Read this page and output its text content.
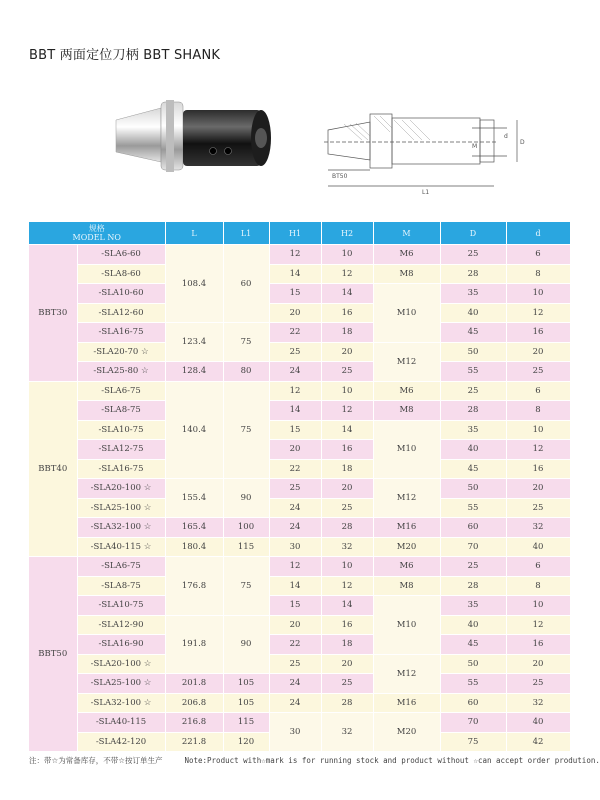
BBT 两面定位刀柄 BBT SHANK
BT50
L1
M
d
D
规格
MODEL NO		L	L1	H1	H2	M	D	d
BBT30	-SLA6-60	108.4	60	12	10	M6	25	6
	-SLA8-60			14	12	M8	28	8
	-SLA10-60			15	14	M10	35	10
	-SLA12-60			20	16		40	12
	-SLA16-75	123.4	75	22	18		45	16
	-SLA20-70 ☆			25	20	M12	50	20
	-SLA25-80 ☆	128.4	80	24	25		55	25
BBT40	-SLA6-75	140.4	75	12	10	M6	25	6
	-SLA8-75			14	12	M8	28	8
	-SLA10-75			15	14	M10	35	10
	-SLA12-75			20	16		40	12
	-SLA16-75			22	18		45	16
	-SLA20-100 ☆	155.4	90	25	20	M12	50	20
	-SLA25-100 ☆			24	25		55	25
	-SLA32-100 ☆	165.4	100	24	28	M16	60	32
	-SLA40-115 ☆	180.4	115	30	32	M20	70	40
BBT50	-SLA6-75	176.8	75	12	10	M6	25	6
	-SLA8-75			14	12	M8	28	8
	-SLA10-75			15	14	M10	35	10
	-SLA12-90	191.8	90	20	16		40	12
	-SLA16-90			22	18		45	16
	-SLA20-100 ☆			25	20	M12	50	20
	-SLA25-100 ☆	201.8	105	24	25		55	25
	-SLA32-100 ☆	206.8	105	24	28	M16	60	32
	-SLA40-115	216.8	115	30	32	M20	70	40
	-SLA42-120	221.8	120				75	42
注：带☆为常备库存，不带☆按订单生产	Note:Product with☆mark is for running stock and product without ☆can accept order prodution.
